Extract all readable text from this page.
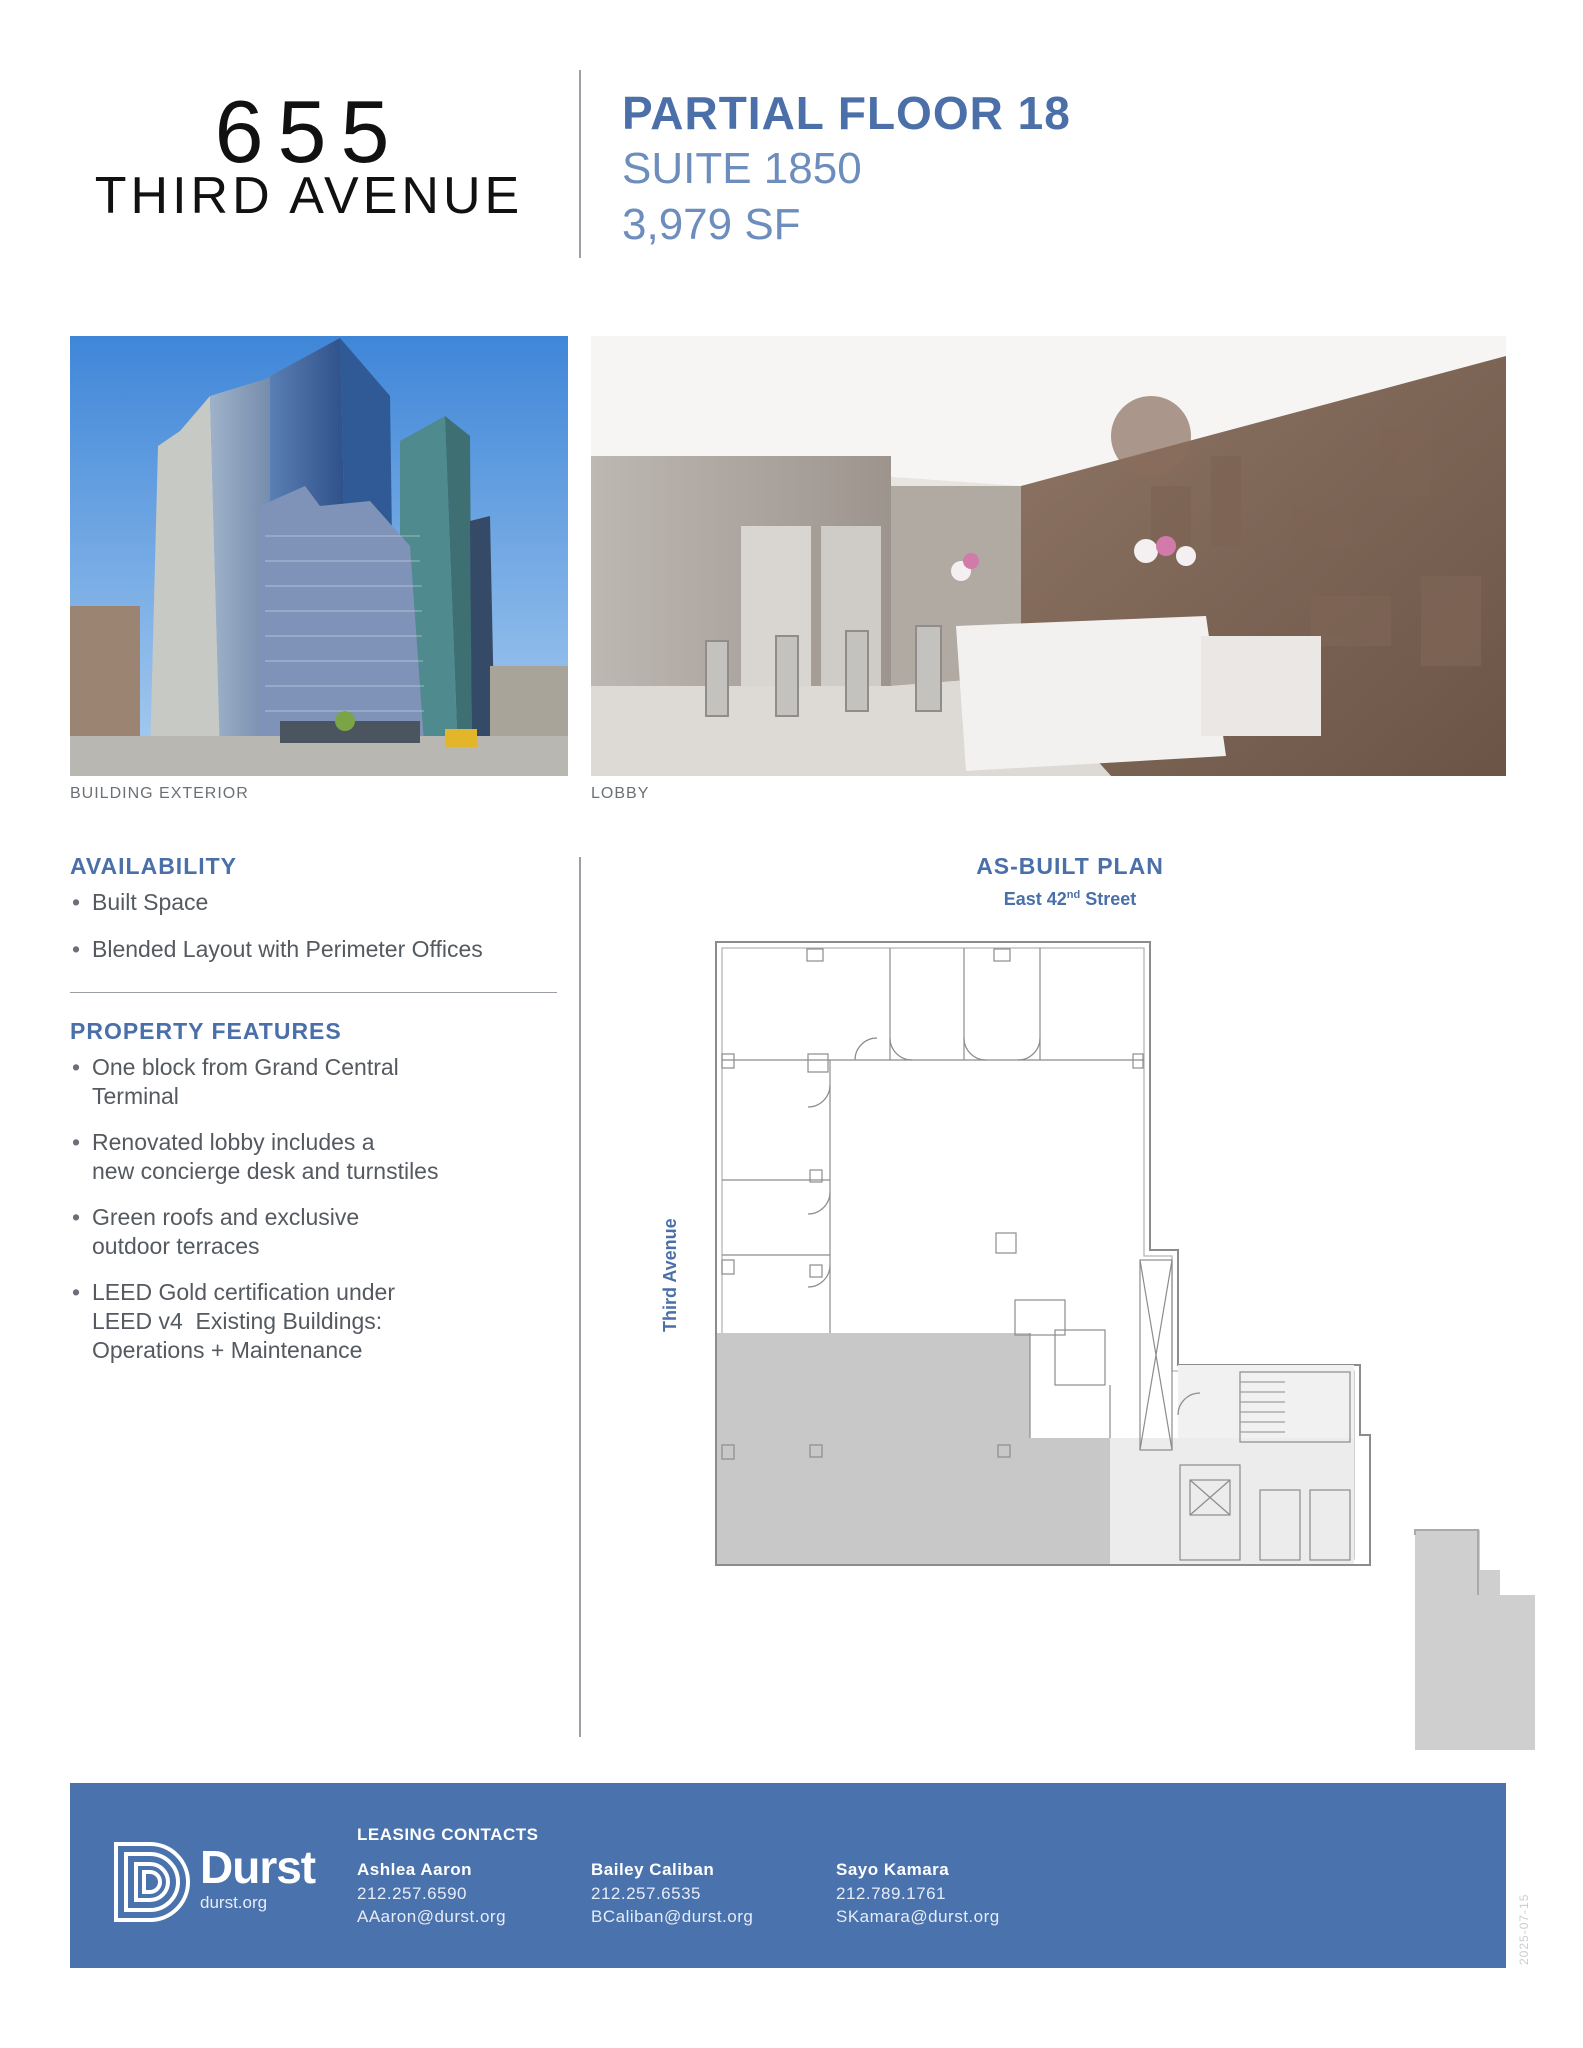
655
THIRD AVENUE
PARTIAL FLOOR 18
SUITE 1850
3,979 SF
BUILDING EXTERIOR	LOBBY
AVAILABILITY
• Built Space
• Blended Layout with Perimeter Offices
PROPERTY FEATURES
• One block from Grand Central
Terminal
• Renovated lobby includes a
new concierge desk and turnstiles
• Green roofs and exclusive
outdoor terraces
• LEED Gold certification under
LEED v4  Existing Buildings:
Operations + Maintenance
AS-BUILT PLAN
East 42nd Street
Third Avenue
Durst
durst.org
LEASING CONTACTS
Ashlea Aaron
212.257.6590
AAaron@durst.org
Bailey Caliban
212.257.6535
BCaliban@durst.org
Sayo Kamara
212.789.1761
SKamara@durst.org	2025-07-15
